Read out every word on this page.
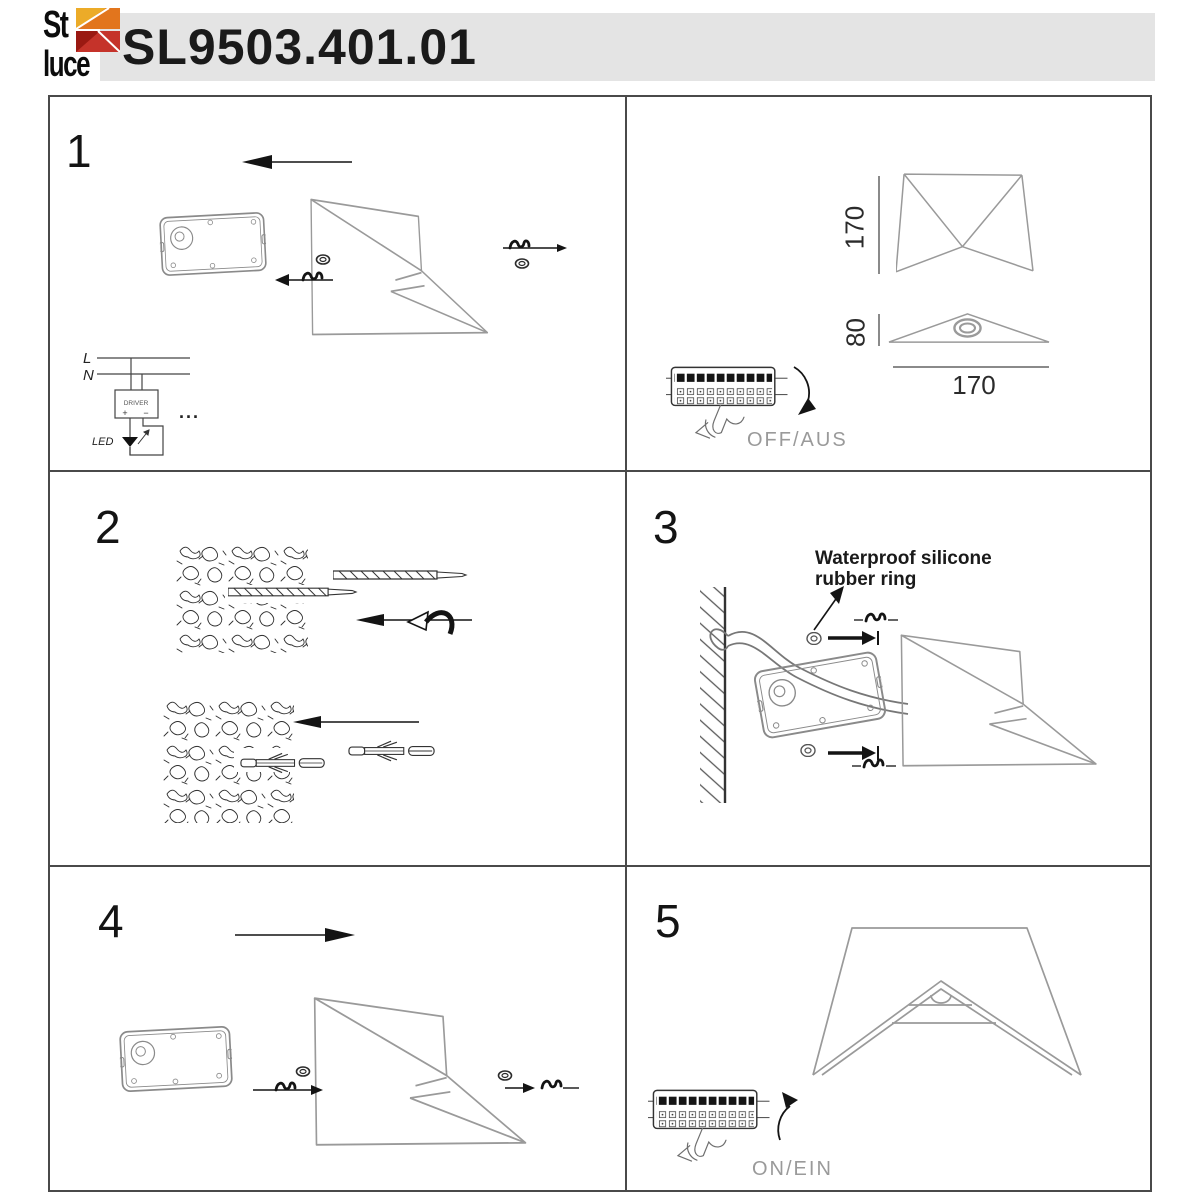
SL9503.401.01
St
luce
1
L
N
DRIVER
+ −
LED
...
170
80
170
OFF/AUS
2	3
Waterproof silicone
rubber ring
4	5
ON/EIN
